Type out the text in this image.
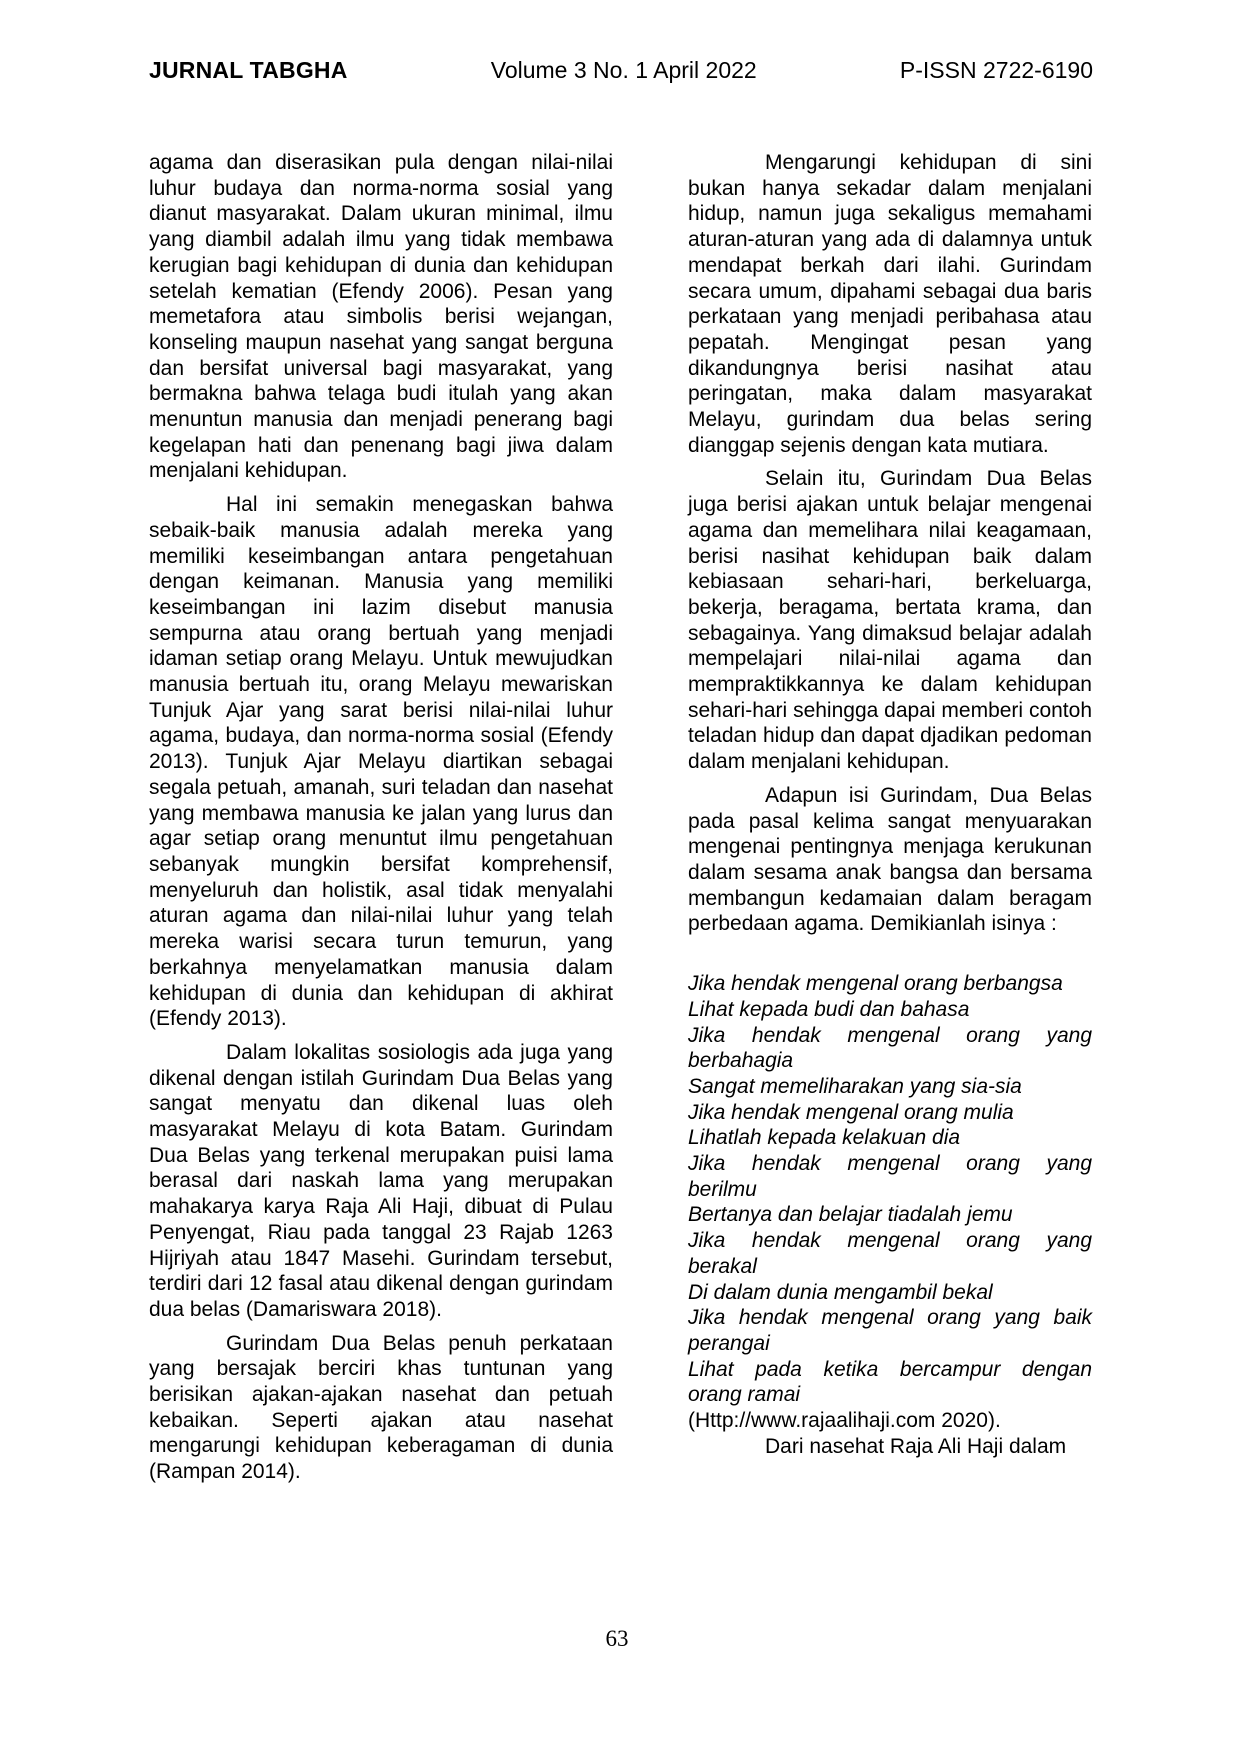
JURNAL TABGHA	Volume 3 No. 1 April 2022	P-ISSN 2722-6190
agama dan diserasikan pula dengan nilai-nilai luhur budaya dan norma-norma sosial yang dianut masyarakat. Dalam ukuran minimal, ilmu yang diambil adalah ilmu yang tidak membawa kerugian bagi kehidupan di dunia dan kehidupan setelah kematian (Efendy 2006). Pesan yang memetafora atau simbolis berisi wejangan, konseling maupun nasehat yang sangat berguna dan bersifat universal bagi masyarakat, yang bermakna bahwa telaga budi itulah yang akan menuntun manusia dan menjadi penerang bagi kegelapan hati dan penenang bagi jiwa dalam menjalani kehidupan.
Hal ini semakin menegaskan bahwa sebaik-baik manusia adalah mereka yang memiliki keseimbangan antara pengetahuan dengan keimanan. Manusia yang memiliki keseimbangan ini lazim disebut manusia sempurna atau orang bertuah yang menjadi idaman setiap orang Melayu. Untuk mewujudkan manusia bertuah itu, orang Melayu mewariskan Tunjuk Ajar yang sarat berisi nilai-nilai luhur agama, budaya, dan norma-norma sosial (Efendy 2013). Tunjuk Ajar Melayu diartikan sebagai segala petuah, amanah, suri teladan dan nasehat yang membawa manusia ke jalan yang lurus dan agar setiap orang menuntut ilmu pengetahuan sebanyak mungkin bersifat komprehensif, menyeluruh dan holistik, asal tidak menyalahi aturan agama dan nilai-nilai luhur yang telah mereka warisi secara turun temurun, yang berkahnya menyelamatkan manusia dalam kehidupan di dunia dan kehidupan di akhirat (Efendy 2013).
Dalam lokalitas sosiologis ada juga yang dikenal dengan istilah Gurindam Dua Belas yang sangat menyatu dan dikenal luas oleh masyarakat Melayu di kota Batam. Gurindam Dua Belas yang terkenal merupakan puisi lama berasal dari naskah lama yang merupakan mahakarya karya Raja Ali Haji, dibuat di Pulau Penyengat, Riau pada tanggal 23 Rajab 1263 Hijriyah atau 1847 Masehi. Gurindam tersebut, terdiri dari 12 fasal atau dikenal dengan gurindam dua belas (Damariswara 2018).
Gurindam Dua Belas penuh perkataan yang bersajak berciri khas tuntunan yang berisikan ajakan-ajakan nasehat dan petuah kebaikan. Seperti ajakan atau nasehat mengarungi kehidupan keberagaman di dunia (Rampan 2014).
Mengarungi kehidupan di sini bukan hanya sekadar dalam menjalani hidup, namun juga sekaligus memahami aturan-aturan yang ada di dalamnya untuk mendapat berkah dari ilahi. Gurindam secara umum, dipahami sebagai dua baris perkataan yang menjadi peribahasa atau pepatah. Mengingat pesan yang dikandungnya berisi nasihat atau peringatan, maka dalam masyarakat Melayu, gurindam dua belas sering dianggap sejenis dengan kata mutiara.
Selain itu, Gurindam Dua Belas juga berisi ajakan untuk belajar mengenai agama dan memelihara nilai keagamaan, berisi nasihat kehidupan baik dalam kebiasaan sehari-hari, berkeluarga, bekerja, beragama, bertata krama, dan sebagainya. Yang dimaksud belajar adalah mempelajari nilai-nilai agama dan mempraktikkannya ke dalam kehidupan sehari-hari sehingga dapai memberi contoh teladan hidup dan dapat djadikan pedoman dalam menjalani kehidupan.
Adapun isi Gurindam, Dua Belas pada pasal kelima sangat menyuarakan mengenai pentingnya menjaga kerukunan dalam sesama anak bangsa dan bersama membangun kedamaian dalam beragam perbedaan agama. Demikianlah isinya :
Jika hendak mengenal orang berbangsa
Lihat kepada budi dan bahasa
Jika hendak mengenal orang yang
berbahagia
Sangat memeliharakan yang sia-sia
Jika hendak mengenal orang mulia
Lihatlah kepada kelakuan dia
Jika hendak mengenal orang yang
berilmu
Bertanya dan belajar tiadalah jemu
Jika hendak mengenal orang yang
berakal
Di dalam dunia mengambil bekal
Jika hendak mengenal orang yang baik
perangai
Lihat pada ketika bercampur dengan
orang ramai
(Http://www.rajaalihaji.com 2020).
Dari nasehat Raja Ali Haji dalam
63
